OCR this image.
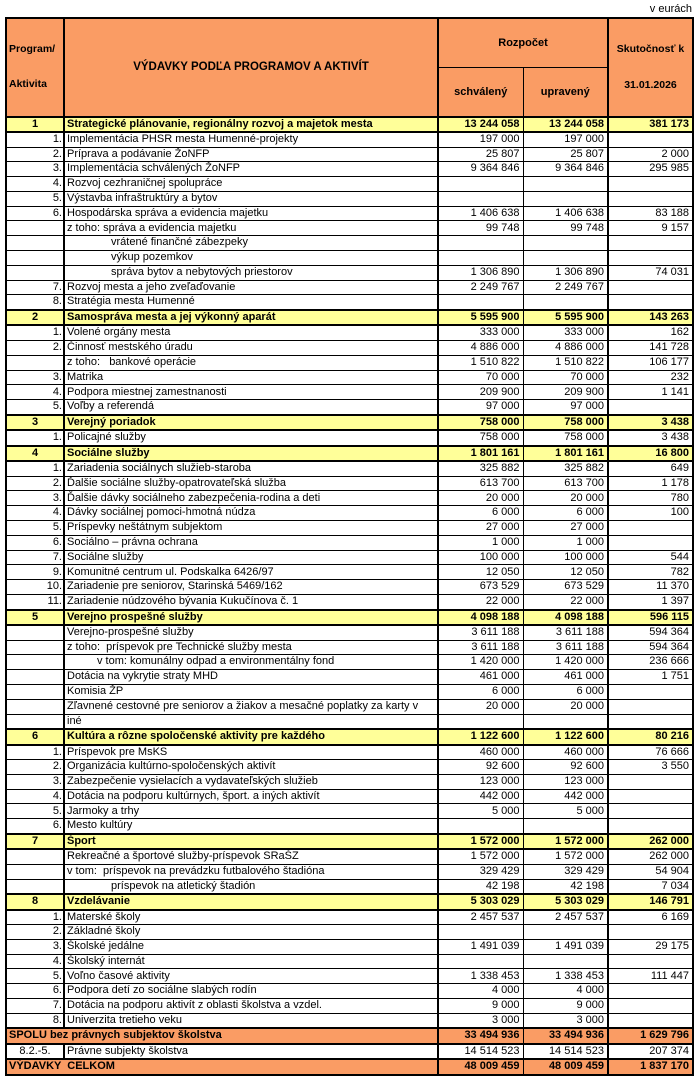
v eurách

Program/

Aktivita

	VÝDAVKY PODĽA PROGRAMOV A AKTIVÍT	Rozpočet	

Skutočnosť k

31.01.2026

		schválený	upravený	
1	Strategické plánovanie, regionálny rozvoj a majetok mesta	13 244 058	13 244 058	381 173
1.	Implementácia PHSR mesta Humenné-projekty	197 000	197 000	
2.	Príprava a podávanie ŽoNFP	25 807	25 807	2 000
3.	Implementácia schválených ŽoNFP	9 364 846	9 364 846	295 985
4.	Rozvoj cezhraničnej spolupráce			
5.	Výstavba infraštruktúry a bytov			
6.	Hospodárska správa a evidencia majetku	1 406 638	1 406 638	83 188
	z toho: správa a evidencia majetku	99 748	99 748	9 157
	vrátené finančné zábezpeky			
	výkup pozemkov			
	správa bytov a nebytových priestorov	1 306 890	1 306 890	74 031
7.	Rozvoj mesta a jeho zveľaďovanie	2 249 767	2 249 767	
8.	Stratégia mesta Humenné			
2	Samospráva mesta a jej výkonný aparát	5 595 900	5 595 900	143 263
1.	Volené orgány mesta	333 000	333 000	162
2.	Činnosť mestského úradu	4 886 000	4 886 000	141 728
	z toho:   bankové operácie	1 510 822	1 510 822	106 177
3.	Matrika	70 000	70 000	232
4.	Podpora miestnej zamestnanosti	209 900	209 900	1 141
5.	Voľby a referendá	97 000	97 000	
3	Verejný poriadok	758 000	758 000	3 438
1.	Policajné služby	758 000	758 000	3 438
4	Sociálne služby	1 801 161	1 801 161	16 800
1.	Zariadenia sociálnych služieb-staroba	325 882	325 882	649
2.	Ďalšie sociálne služby-opatrovateľská služba	613 700	613 700	1 178
3.	Ďalšie dávky sociálneho zabezpečenia-rodina a deti	20 000	20 000	780
4.	Dávky sociálnej pomoci-hmotná núdza	6 000	6 000	100
5.	Príspevky neštátnym subjektom	27 000	27 000	
6.	Sociálno – právna ochrana	1 000	1 000	
7.	Sociálne služby	100 000	100 000	544
9.	Komunitné centrum ul. Podskalka 6426/97	12 050	12 050	782
10.	Zariadenie pre seniorov, Starinská 5469/162	673 529	673 529	11 370
11.	Zariadenie núdzového bývania Kukučínova č. 1	22 000	22 000	1 397
5	Verejno prospešné služby	4 098 188	4 098 188	596 115
	Verejno-prospešné služby	3 611 188	3 611 188	594 364
	z toho:  príspevok pre Technické služby mesta	3 611 188	3 611 188	594 364
	v tom: komunálny odpad a environmentálny fond	1 420 000	1 420 000	236 666
	Dotácia na vykrytie straty MHD	461 000	461 000	1 751
	Komisia ŽP	6 000	6 000	
	Zľavnené cestovné pre seniorov a žiakov a mesačné poplatky za karty v	20 000	20 000	
	iné			
6	Kultúra a rôzne spoločenské aktivity pre každého	1 122 600	1 122 600	80 216
1.	Príspevok pre MsKS	460 000	460 000	76 666
2.	Organizácia kultúrno-spoločenských aktivít	92 600	92 600	3 550
3.	Zabezpečenie vysielacích a vydavateľských služieb	123 000	123 000	
4.	Dotácia na podporu kultúrnych, šport. a iných aktivít	442 000	442 000	
5.	Jarmoky a trhy	5 000	5 000	
6.	Mesto kultúry			
7	Šport	1 572 000	1 572 000	262 000
	Rekreačné a športové služby-príspevok SRaŠZ	1 572 000	1 572 000	262 000
	v tom:  príspevok na prevádzku futbalového štadióna	329 429	329 429	54 904
	príspevok na atletický štadión	42 198	42 198	7 034
8	Vzdelávanie	5 303 029	5 303 029	146 791
1.	Materské školy	2 457 537	2 457 537	6 169
2.	Základné školy			
3.	Školské jedálne	1 491 039	1 491 039	29 175
4.	Školský internát			
5.	Voľno časové aktivity	1 338 453	1 338 453	111 447
6.	Podpora detí zo sociálne slabých rodín	4 000	4 000	
7.	Dotácia na podporu aktivít z oblasti školstva a vzdel.	9 000	9 000	
8.	Univerzita tretieho veku	3 000	3 000	
SPOLU bez právnych subjektov školstva		33 494 936	33 494 936	1 629 796
8.2.-5.	Právne subjekty školstva	14 514 523	14 514 523	207 374
VÝDAVKY  CELKOM		48 009 459	48 009 459	1 837 170
